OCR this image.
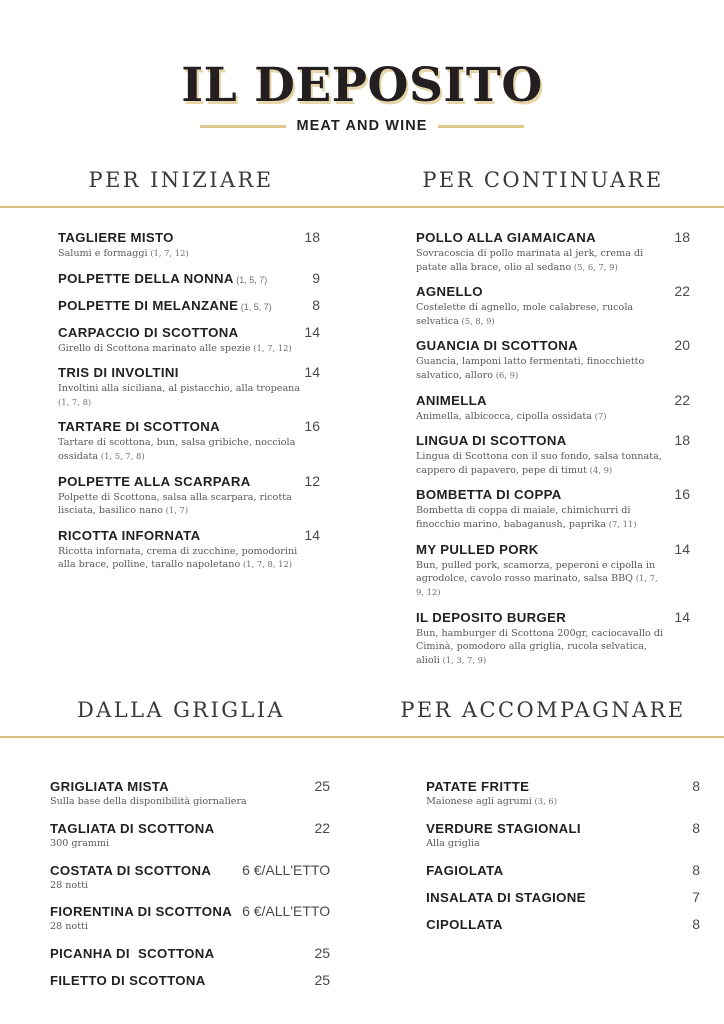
IL DEPOSITO
MEAT AND WINE
PER INIZIARE	PER CONTINUARE
TAGLIERE MISTO	18
Salumi e formaggi (1, 7, 12)
POLPETTE DELLA NONNA (1, 5, 7)	9
POLPETTE DI MELANZANE (1, 5, 7)	8
CARPACCIO DI SCOTTONA	14
Girello di Scottona marinato alle spezie (1, 7, 12)
TRIS DI INVOLTINI	14
Involtini alla siciliana, al pistacchio, alla tropeana (1, 7, 8)
TARTARE DI SCOTTONA	16
Tartare di scottona, bun, salsa gribiche, nocciola ossidata (1, 5, 7, 8)
POLPETTE ALLA SCARPARA	12
Polpette di Scottona, salsa alla scarpara, ricotta lisciata, basilico nano (1, 7)
RICOTTA INFORNATA	14
Ricotta infornata, crema di zucchine, pomodorini alla brace, polline, tarallo napoletano (1, 7, 8, 12)
POLLO ALLA GIAMAICANA	18
Sovracoscia di pollo marinata al jerk, crema di patate alla brace, olio al sedano (5, 6, 7, 9)
AGNELLO	22
Costelette di agnello, mole calabrese, rucola selvatica (5, 8, 9)
GUANCIA DI SCOTTONA	20
Guancia, lamponi latto fermentati, finocchietto salvatico, alloro (6, 9)
ANIMELLA	22
Animella, albicocca, cipolla ossidata (7)
LINGUA DI SCOTTONA	18
Lingua di Scottona con il suo fondo, salsa tonnata, cappero di papavero, pepe di timut (4, 9)
BOMBETTA DI COPPA	16
Bombetta di coppa di maiale, chimichurri di finocchio marino, babaganush, paprika (7, 11)
MY PULLED PORK	14
Bun, pulled pork, scamorza, peperoni e cipolla in agrodolce, cavolo rosso marinato, salsa BBQ (1, 7, 9, 12)
IL DEPOSITO BURGER	14
Bun, hamburger di Scottona 200gr, caciocavallo di Ciminà, pomodoro alla griglia, rucola selvatica, alioli (1, 3, 7, 9)
DALLA GRIGLIA	PER ACCOMPAGNARE
GRIGLIATA MISTA	25
Sulla base della disponibilità giornaliera
TAGLIATA DI SCOTTONA	22
300 grammi
COSTATA DI SCOTTONA 6 €/ALL'ETTO
28 notti
FIORENTINA DI SCOTTONA 6 €/ALL'ETTO
28 notti
PICANHA DI  SCOTTONA	25
FILETTO DI SCOTTONA	25
PATATE FRITTE	8
Maionese agli agrumi (3, 6)
VERDURE STAGIONALI	8
Alla griglia
FAGIOLATA	8
INSALATA DI STAGIONE	7
CIPOLLATA	8
